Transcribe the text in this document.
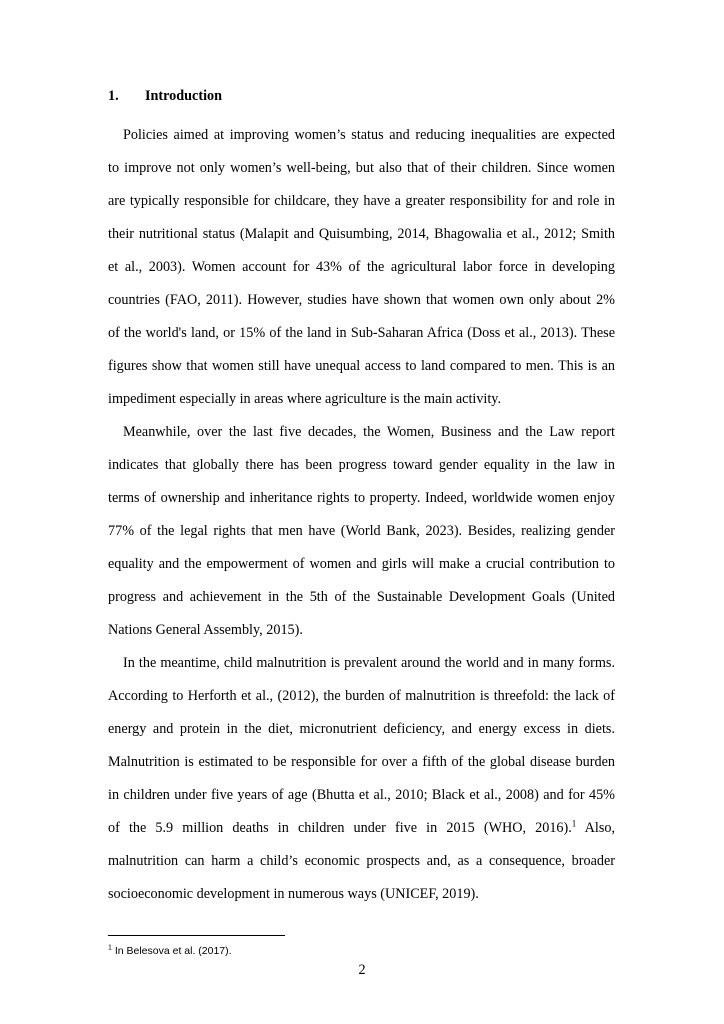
1. Introduction
Policies aimed at improving women’s status and reducing inequalities are expected
to improve not only women’s well-being, but also that of their children. Since women
are typically responsible for childcare, they have a greater responsibility for and role in
their nutritional status (Malapit and Quisumbing, 2014, Bhagowalia et al., 2012; Smith
et al., 2003). Women account for 43% of the agricultural labor force in developing
countries (FAO, 2011). However, studies have shown that women own only about 2%
of the world's land, or 15% of the land in Sub-Saharan Africa (Doss et al., 2013). These
figures show that women still have unequal access to land compared to men. This is an
impediment especially in areas where agriculture is the main activity.
Meanwhile, over the last five decades, the Women, Business and the Law report
indicates that globally there has been progress toward gender equality in the law in
terms of ownership and inheritance rights to property. Indeed, worldwide women enjoy
77% of the legal rights that men have (World Bank, 2023). Besides, realizing gender
equality and the empowerment of women and girls will make a crucial contribution to
progress and achievement in the 5th of the Sustainable Development Goals (United
Nations General Assembly, 2015).
In the meantime, child malnutrition is prevalent around the world and in many forms.
According to Herforth et al., (2012), the burden of malnutrition is threefold: the lack of
energy and protein in the diet, micronutrient deficiency, and energy excess in diets.
Malnutrition is estimated to be responsible for over a fifth of the global disease burden
in children under five years of age (Bhutta et al., 2010; Black et al., 2008) and for 45%
of the 5.9 million deaths in children under five in 2015 (WHO, 2016).$^1$ Also,
malnutrition can harm a child’s economic prospects and, as a consequence, broader
socioeconomic development in numerous ways (UNICEF, 2019).
$^1$ In Belesova et al. (2017).
2
